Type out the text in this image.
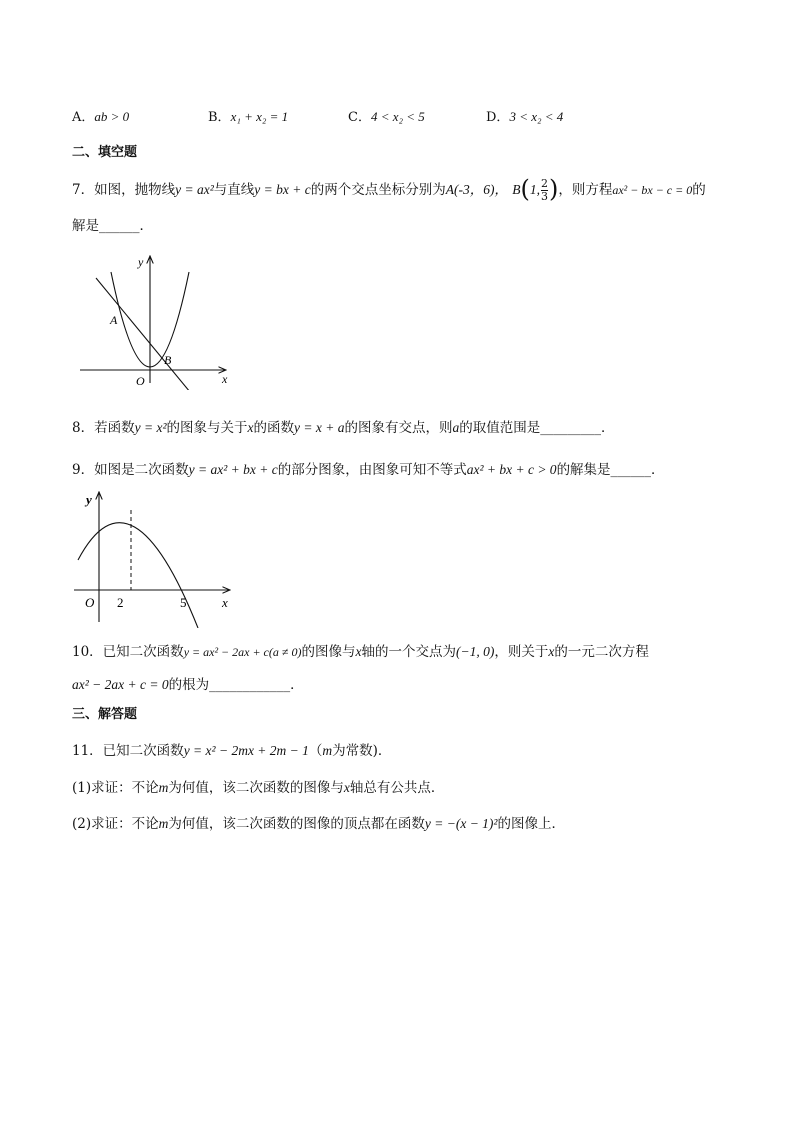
A．ab > 0	B．x₁ + x₂ = 1	C．4 < x₂ < 5	D．3 < x₂ < 4
二、填空题
7．如图，抛物线y = ax²与直线y = bx + c的两个交点坐标分别为A(-3，6)， B(1, $\frac{2}{3}$ )，则方程ax² − bx − c = 0的
解是______．
y
x
O
A
B
8．若函数y = x²的图象与关于x的函数y = x + a的图象有交点，则a的取值范围是_________．
9．如图是二次函数y = ax² + bx + c的部分图象，由图象可知不等式ax² + bx + c > 0的解集是______．
y
x
O 2	5
10．已知二次函数y = ax² − 2ax + c(a ≠ 0)的图像与x轴的一个交点为(−1, 0)，则关于x的一元二次方程
ax² − 2ax + c = 0的根为____________．
三、解答题
11．已知二次函数y = x² − 2mx + 2m − 1（m为常数)．
(1)求证：不论m为何值，该二次函数的图像与x轴总有公共点．
(2)求证：不论m为何值，该二次函数的图像的顶点都在函数y = −(x − 1)²的图像上．
